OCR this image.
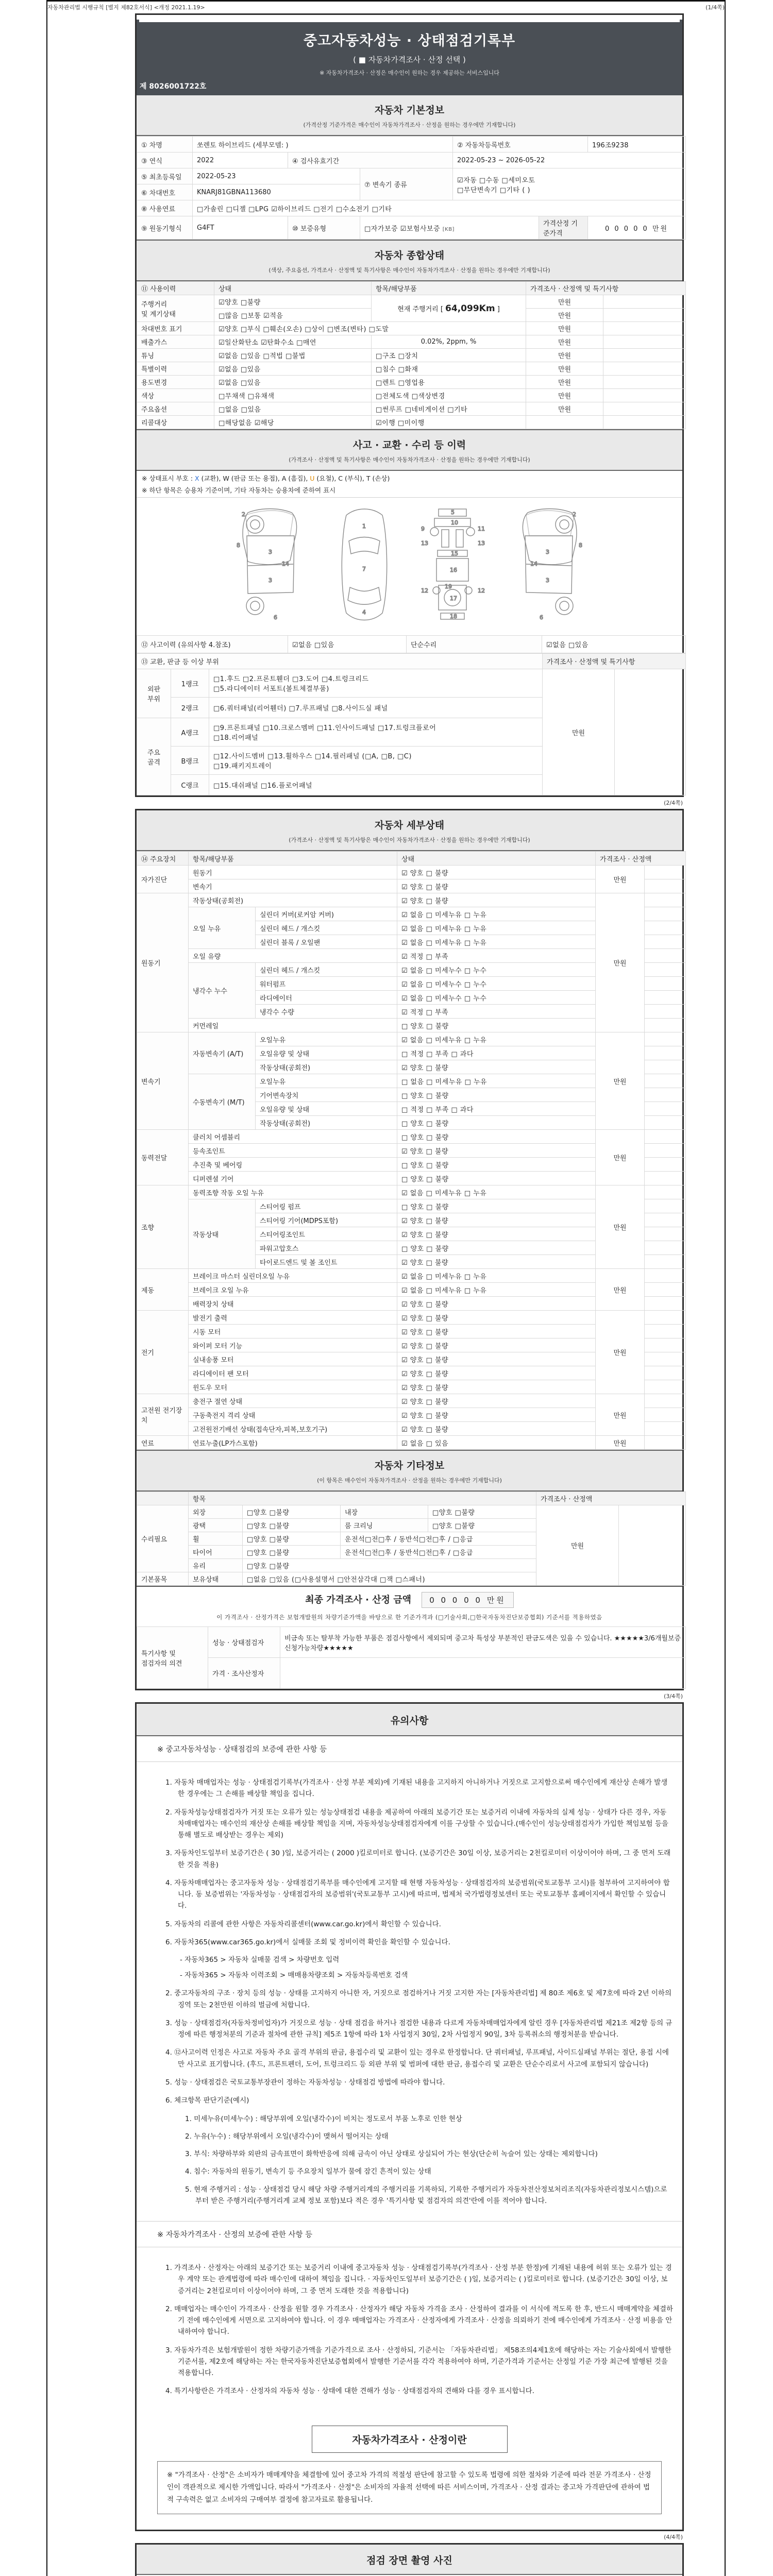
자동차관리법 시행규칙 [별지 제82호서식] <개정 2021.1.19>	(1/4쪽)
중고자동차성능 · 상태점검기록부
( ■ 자동차가격조사 · 산정 선택 )
※ 자동차가격조사 · 산정은 매수인이 원하는 경우 제공하는 서비스입니다
제 8026001722호
자동차 기본정보
(가격산정 기준가격은 매수인이 자동차가격조사 · 산정을 원하는 경우에만 기재합니다)
① 차명	쏘렌토 하이브리드 (세부모델: )			② 자동차등록번호		196조9238
③ 연식	2022	④ 검사유효기간		2022-05-23 ~ 2026-05-22		
⑤ 최초등록일	2022-05-23		⑦ 변속기 종류	☑자동 □수동 □세미오토
□무단변속기 □기타 ( )		

⑥ 차대번호	KNARJ81GBNA113680					
⑧ 사용연료	□가솔린 □디젤 □LPG ☑하이브리드 □전기 □수소전기 □기타					
⑨ 원동기형식	G4FT	⑩ 보증유형	□자가보증 ☑보험사보증 [KB]		가격산정 기준가격	0 0 0 0 0 만원
자동차 종합상태
(색상, 주요옵션, 가격조사 · 산정액 및 특기사항은 매수인이 자동차가격조사 · 산정을 원하는 경우에만 기재합니다)
⑪ 사용이력	상태	항목/해당부품	가격조사 · 산정액 및 특기사항	

주행거리
및 계기상태	☑양호 □불량	현재 주행거리 [ 64,099Km ]	만원	
	□많음 □보통 ☑적음		만원	
차대번호 표기	☑양호 □부식 □훼손(오손) □상이 □변조(변타) □도말		만원	
배출가스	☑일산화탄소 ☑탄화수소 □매연	0.02%, 2ppm, %	만원	
튜닝	☑없음 □있음 □적법 □불법	□구조 □장치	만원	
특별이력	☑없음 □있음	□침수 □화재	만원	
용도변경	☑없음 □있음	□렌트 □영업용	만원	
색상	□무채색 □유채색	□전체도색 □색상변경	만원	
주요옵션	□없음 □있음	□썬루프 □네비게이션 □기타	만원	
리콜대상	□해당없음 ☑해당	☑이행 □미이행		
사고 · 교환 · 수리 등 이력
(가격조사 · 산정액 및 특기사항은 매수인이 자동차가격조사 · 산정을 원하는 경우에만 기재합니다)
※ 상태표시 부호 : X (교환), W (판금 또는 용접), A (흠집), U (요철), C (부식), T (손상)
※ 하단 항목은 승용차 기준이며, 기타 자동차는 승용차에 준하여 표시
2
8
3
14
3
6
1
7
4
5
10
9	11
13	13
15
16
12	12
19
17
18
2
8
3
14
3
6
⑫ 사고이력 (유의사항 4.참조)	☑없음 □있음	단순수리	☑없음 □있음
⑬ 교환, 판금 등 이상 부위			가격조사 · 산정액 및 특기사항	

외판
부위
	1랭크	
□1.후드 □2.프론트휀더 □3.도어 □4.트렁크리드
□5.라디에이터 서포트(볼트체결부품)
	만원	
	2랭크	□6.쿼터패널(리어휀더) □7.루프패널 □8.사이드실 패널		

주요
골격
	A랭크	
□9.프론트패널 □10.크로스멤버 □11.인사이드패널 □17.트렁크플로어
□18.리어패널

	B랭크	□12.사이드멤버 □13.휠하우스 □14.필러패널 (□A, □B, □C)
□19.패키지트레이		

	C랭크	□15.대쉬패널 □16.플로어패널		
(2/4쪽)
자동차 세부상태
(가격조사 · 산정액 및 특기사항은 매수인이 자동차가격조사 · 산정을 원하는 경우에만 기재합니다)
⑭ 주요장치	항목/해당부품		상태	가격조사 · 산정액	
자가진단	원동기		☑ 양호 □ 불량	만원	
	변속기		☑ 양호 □ 불량		
원동기	작동상태(공회전)		☑ 양호 □ 불량	만원	
	오일 누유	실린더 커버(로커암 커버)	☑ 없음 □ 미세누유 □ 누유		
		실린더 헤드 / 개스킷	☑ 없음 □ 미세누유 □ 누유		
		실린더 블록 / 오일팬	☑ 없음 □ 미세누유 □ 누유		
	오일 유량		☑ 적정 □ 부족		
	냉각수 누수	실린더 헤드 / 개스킷	☑ 없음 □ 미세누수 □ 누수		
		워터펌프	☑ 없음 □ 미세누수 □ 누수		
		라디에이터	☑ 없음 □ 미세누수 □ 누수		
		냉각수 수량	☑ 적정 □ 부족		
	커먼레일		□ 양호 □ 불량		
변속기	자동변속기 (A/T)	오일누유	☑ 없음 □ 미세누유 □ 누유	만원	
		오일유량 및 상태	□ 적정 □ 부족 □ 과다		
		작동상태(공회전)	☑ 양호 □ 불량		
	수동변속기 (M/T)	오일누유	□ 없음 □ 미세누유 □ 누유		
		기어변속장치	□ 양호 □ 불량		
		오일유량 및 상태	□ 적정 □ 부족 □ 과다		
		작동상태(공회전)	□ 양호 □ 불량		
동력전달	클러치 어셈블리		□ 양호 □ 불량	만원	
	등속조인트		☑ 양호 □ 불량		
	추진축 및 베어링		□ 양호 □ 불량		
	디퍼렌셜 기어		□ 양호 □ 불량		
조향	동력조향 작동 오일 누유		☑ 없음 □ 미세누유 □ 누유	만원	
	작동상태	스티어링 펌프	□ 양호 □ 불량		
		스티어링 기어(MDPS포함)	☑ 양호 □ 불량		
		스티어링조인트	☑ 양호 □ 불량		
		파워고압호스	□ 양호 □ 불량		
		타이로드엔드 및 볼 조인트	☑ 양호 □ 불량		
제동	브레이크 마스터 실린더오일 누유		☑ 없음 □ 미세누유 □ 누유	만원	
	브레이크 오일 누유		☑ 없음 □ 미세누유 □ 누유		
	배력장치 상태		☑ 양호 □ 불량		
전기	발전기 출력		☑ 양호 □ 불량	만원	
	시동 모터		☑ 양호 □ 불량		
	와이퍼 모터 기능		☑ 양호 □ 불량		
	실내송풍 모터		☑ 양호 □ 불량		
	라디에이터 팬 모터		☑ 양호 □ 불량		
	윈도우 모터		☑ 양호 □ 불량		
고전원 전기장치	충전구 절연 상태		☑ 양호 □ 불량	만원	
	구동축전지 격리 상태		☑ 양호 □ 불량		
	고전원전기배선 상태(접속단자,피복,보호기구)		☑ 양호 □ 불량		
연료	연료누출(LP가스포함)		☑ 없음 □ 있음	만원	
자동차 기타정보
(이 항목은 매수인이 자동차가격조사 · 산정을 원하는 경우에만 기재합니다)
	항목				가격조사 · 산정액	
수리필요	외장	□양호 □불량	내장	□양호 □불량	만원	
	광택	□양호 □불량	룸 크리닝	□양호 □불량		
	휠	□양호 □불량	운전석□전□후 / 동반석□전□후 / □응급			
	타이어	□양호 □불량	운전석□전□후 / 동반석□전□후 / □응급			
	유리	□양호 □불량				
기본품목	보유상태	□없음 □있음 (□사용설명서 □안전삼각대 □잭 □스패너)				
최종 가격조사 · 산정 금액 0 0 0 0 0 만원
이 가격조사 · 산정가격은 보험개발원의 차량기준가액을 바탕으로 한 기준가격과 (□기술사회,□한국자동차진단보증협회) 기준서를 적용하였음
특기사항 및
점검자의 의견	성능 · 상태점검자	비금속 또는 탈부착 가능한 부품은 점검사항에서 제외되며 중고차 특성상 부분적인 판금도색은 있을 수 있습니다. ★★★★★3/6개월보증신청가능차량★★★★★
	가격 · 조사산정자	
(3/4쪽)
유의사항
※ 중고자동차성능 · 상태점검의 보증에 관한 사항 등
1. 자동차 매매업자는 성능 · 상태점검기록부(가격조사 · 산정 부분 제외)에 기재된 내용을 고지하지 아니하거나 거짓으로 고지함으로써 매수인에게 재산상 손해가 발생한 경우에는 그 손해를 배상할 책임을 집니다.
2. 자동차성능상태점검자가 거짓 또는 오류가 있는 성능상태점검 내용을 제공하여 아래의 보증기간 또는 보증거리 이내에 자동차의 실제 성능 · 상태가 다른 경우, 자동차매매업자는 매수인의 재산상 손해를 배상할 책임을 지며, 자동차성능상태점검자에게 이를 구상할 수 있습니다.(매수인이 성능상태점검자가 가입한 책임보험 등을 통해 별도로 배상받는 경우는 제외)
3. 자동차인도일부터 보증기간은 ( 30 )일, 보증거리는 ( 2000 )킬로미터로 합니다. (보증기간은 30일 이상, 보증거리는 2천킬로미터 이상이어야 하며, 그 중 먼저 도래한 것을 적용)
4. 자동차매매업자는 중고자동차 성능 · 상태점검기록부를 매수인에게 고지할 때 현행 자동차성능 · 상태점검자의 보증범위(국토교통부 고시)를 첨부하여 고지하여야 합니다. 동 보증범위는 '자동차성능 · 상태점검자의 보증범위'(국토교통부 고시)에 따르며, 법제처 국가법령정보센터 또는 국토교통부 홈페이지에서 확인할 수 있습니다.
5. 자동차의 리콜에 관한 사항은 자동차리콜센터(www.car.go.kr)에서 확인할 수 있습니다.
6. 자동차365(www.car365.go.kr)에서 실매물 조회 및 정비이력 확인을 확인할 수 있습니다.
- 자동차365 > 자동차 실매물 검색 > 차량번호 입력
- 자동차365 > 자동차 이력조회 > 매매용차량조회 > 자동차등록번호 검색
2. 중고자동차의 구조 · 장치 등의 성능 · 상태를 고지하지 아니한 자, 거짓으로 점검하거나 거짓 고지한 자는 [자동차관리법] 제 80조 제6호 및 제7호에 따라 2년 이하의 징역 또는 2천만원 이하의 벌금에 처합니다.
3. 성능 · 상태점검자(자동차정비업자)가 거짓으로 성능 · 상태 점검을 하거나 점검한 내용과 다르게 자동차매매업자에게 알린 경우 [자동차관리법 제21조 제2항 등의 규정에 따른 행정처분의 기준과 절차에 관한 규칙] 제5조 1항에 따라 1차 사업정지 30일, 2차 사업정지 90일, 3차 등록취소의 행정처분을 받습니다.
4. ⑫사고이력 인정은 사고로 자동차 주요 골격 부위의 판금, 용접수리 및 교환이 있는 경우로 한정합니다. 단 쿼터패널, 루프패널, 사이드실패널 부위는 절단, 용접 시에만 사고로 표기합니다. (후드, 프론트펜더, 도어, 트렁크리드 등 외판 부위 및 범퍼에 대한 판금, 용접수리 및 교환은 단순수리로서 사고에 포함되지 않습니다)
5. 성능 · 상태점검은 국토교통부장관이 정하는 자동차성능 · 상태점검 방법에 따라야 합니다.
6. 체크항목 판단기준(예시)
1. 미세누유(미세누수) : 해당부위에 오일(냉각수)이 비치는 정도로서 부품 노후로 인한 현상
2. 누유(누수) : 해당부위에서 오일(냉각수)이 맺혀서 떨어지는 상태
3. 부식: 차량하부와 외판의 금속표면이 화학반응에 의해 금속이 아닌 상태로 상실되어 가는 현상(단순히 녹슬어 있는 상태는 제외합니다)
4. 침수: 자동차의 원동기, 변속기 등 주요장치 일부가 물에 잠긴 흔적이 있는 상태
5. 현재 주행거리 : 성능 · 상태점검 당시 해당 차량 주행거리계의 주행거리를 기록하되, 기록한 주행거리가 자동차전산정보처리조직(자동차관리정보시스템)으로부터 받은 주행거리(주행거리계 교체 정보 포함)보다 적은 경우 '특기사항 및 점검자의 의견'란에 이를 적어야 합니다.
※ 자동차가격조사 · 산정의 보증에 관한 사항 등
1. 가격조사 · 산정자는 아래의 보증기간 또는 보증거리 이내에 중고자동차 성능 · 상태점검기록부(가격조사 · 산정 부분 한정)에 기재된 내용에 허위 또는 오류가 있는 경우 계약 또는 관계법령에 따라 매수인에 대하여 책임을 집니다. · 자동차인도일부터 보증기간은 ( )일, 보증거리는 ( )킬로미터로 합니다. (보증기간은 30일 이상, 보증거리는 2천킬로미터 이상이어야 하며, 그 중 먼저 도래한 것을 적용합니다)
2. 매매업자는 매수인이 가격조사 · 산정을 원할 경우 가격조사 · 산정자가 해당 자동차 가격을 조사 · 산정하여 결과를 이 서식에 적도록 한 후, 반드시 매매계약을 체결하기 전에 매수인에게 서면으로 고지하여야 합니다. 이 경우 매매업자는 가격조사 · 산정자에게 가격조사 · 산정을 의뢰하기 전에 매수인에게 가격조사 · 산정 비용을 안내하여야 합니다.
3. 자동차가격은 보험개발원이 정한 차량기준가액을 기준가격으로 조사 · 산정하되, 기준서는 「자동차관리법」 제58조의4제1호에 해당하는 자는 기술사회에서 발행한 기준서를, 제2호에 해당하는 자는 한국자동차진단보증협회에서 발행한 기준서를 각각 적용하여야 하며, 기준가격과 기준서는 산정일 기준 가장 최근에 발행된 것을 적용합니다.
4. 특기사항란은 가격조사 · 산정자의 자동차 성능 · 상태에 대한 견해가 성능 · 상태점검자의 견해와 다를 경우 표시합니다.
자동차가격조사 · 산정이란
※ "가격조사 · 산정"은 소비자가 매매계약을 체결함에 있어 중고차 가격의 적절성 판단에 참고할 수 있도록 법령에 의한 절차와 기준에 따라 전문 가격조사 · 산정인이 객관적으로 제시한 가액입니다. 따라서 "가격조사 · 산정"은 소비자의 자율적 선택에 따른 서비스이며, 가격조사 · 산정 결과는 중고차 가격판단에 관하여 법적 구속력은 없고 소비자의 구매여부 결정에 참고자료로 활용됩니다.
(4/4쪽)
점검 장면 촬영 사진
